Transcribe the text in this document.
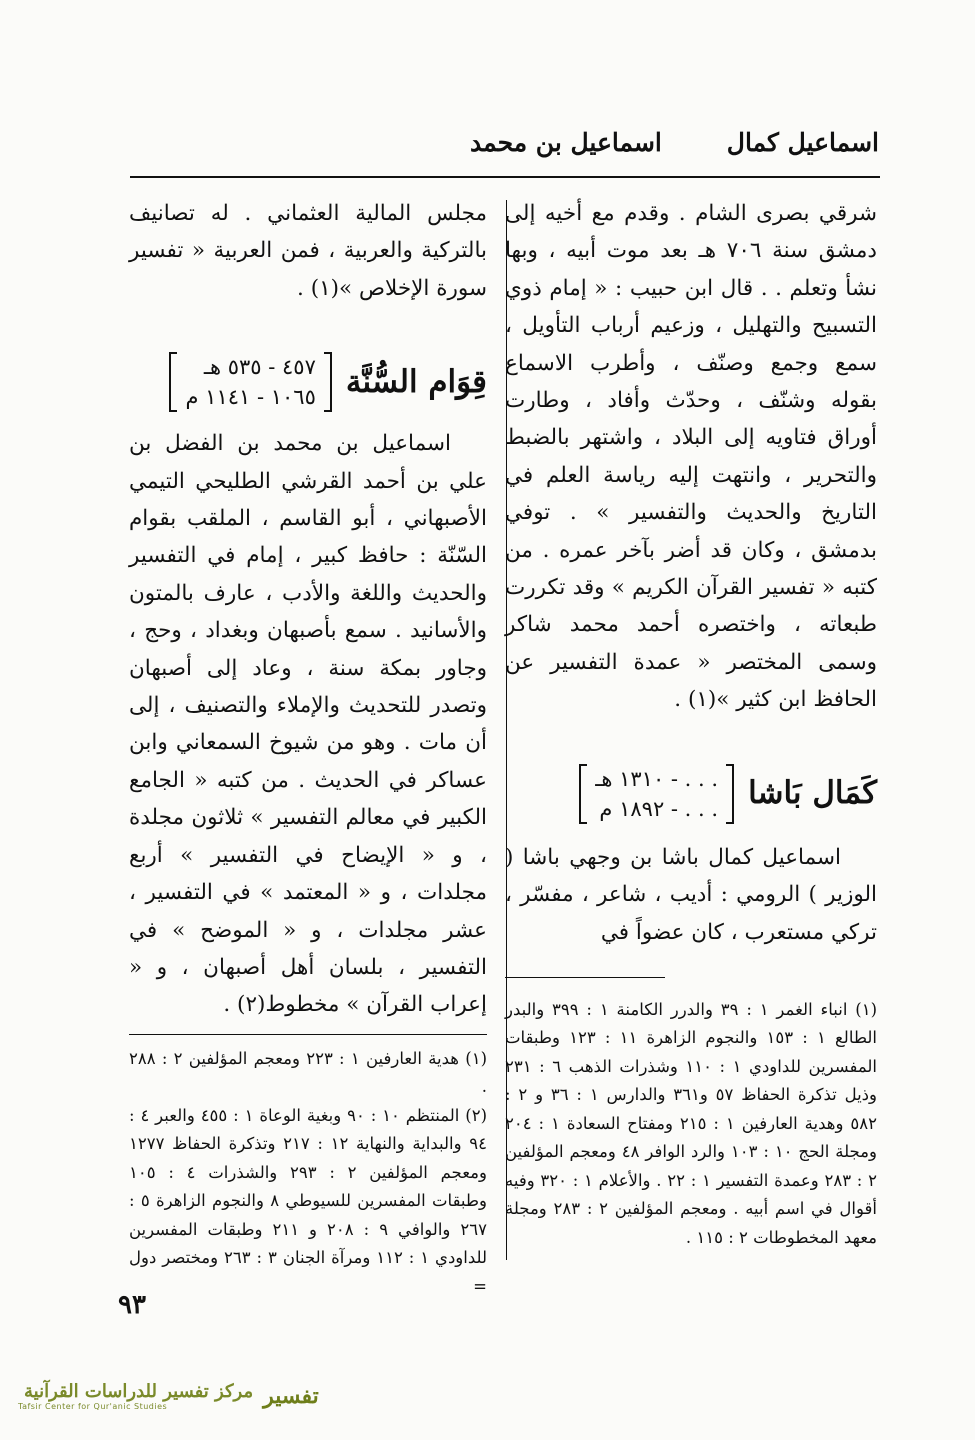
اسماعيل كمال
اسماعيل بن محمد

شرقي بصرى الشام . وقدم مع أخيه إلى دمشق سنة ٧٠٦ هـ بعد موت أبيه ، وبها نشأ وتعلم . . قال ابن حبيب : « إمام ذوي التسبيح والتهليل ، وزعيم أرباب التأويل ، سمع وجمع وصنّف ، وأطرب الاسماع بقوله وشنّف ، وحدّث وأفاد ، وطارت أوراق فتاويه إلى البلاد ، واشتهر بالضبط والتحرير ، وانتهت إليه رياسة العلم في التاريخ والحديث والتفسير » . توفي بدمشق ، وكان قد أضر بآخر عمره . من كتبه « تفسير القرآن الكريم » وقد تكررت طبعاته ، واختصره أحمد محمد شاكر وسمى المختصر « عمدة التفسير عن الحافظ ابن كثير »(١) .

كَمَال بَاشا
. . . - ١٣١٠ هـ
. . . - ١٨٩٢ م

اسماعيل كمال باشا بن وجهي باشا ( الوزير ) الرومي : أديب ، شاعر ، مفسّر ، تركي مستعرب ، كان عضواً في

(١) انباء الغمر ١ : ٣٩ والدرر الكامنة ١ : ٣٩٩ والبدر الطالع ١ : ١٥٣ والنجوم الزاهرة ١١ : ١٢٣ وطبقات المفسرين للداودي ١ : ١١٠ وشذرات الذهب ٦ : ٢٣١ وذيل تذكرة الحفاظ ٥٧ و٣٦١ والدارس ١ : ٣٦ و ٢ : ٥٨٢ وهدية العارفين ١ : ٢١٥ ومفتاح السعادة ١ : ٢٠٤ ومجلة الحج ١٠ : ١٠٣ والرد الوافر ٤٨ ومعجم المؤلفين ٢ : ٢٨٣ وعمدة التفسير ١ : ٢٢ . والأعلام ١ : ٣٢٠ وفيه أقوال في اسم أبيه . ومعجم المؤلفين ٢ : ٢٨٣ ومجلة معهد المخطوطات ٢ : ١١٥ .

مجلس المالية العثماني . له تصانيف بالتركية والعربية ، فمن العربية « تفسير سورة الإخلاص »(١) .

قِوَام السُّنَّة
٤٥٧ - ٥٣٥ هـ
١٠٦٥ - ١١٤١ م

اسماعيل بن محمد بن الفضل بن علي بن أحمد القرشي الطليحي التيمي الأصبهاني ، أبو القاسم ، الملقب بقوام السّنّة : حافظ كبير ، إمام في التفسير والحديث واللغة والأدب ، عارف بالمتون والأسانيد . سمع بأصبهان وبغداد ، وحج ، وجاور بمكة سنة ، وعاد إلى أصبهان وتصدر للتحديث والإملاء والتصنيف ، إلى أن مات . وهو من شيوخ السمعاني وابن عساكر في الحديث . من كتبه « الجامع الكبير في معالم التفسير » ثلاثون مجلدة ، و « الإيضاح في التفسير » أربع مجلدات ، و « المعتمد » في التفسير ، عشر مجلدات ، و « الموضح » في التفسير ، بلسان أهل أصبهان ، و « إعراب القرآن » مخطوط(٢) .

(١) هدية العارفين ١ : ٢٢٣ ومعجم المؤلفين ٢ : ٢٨٨ .

(٢) المنتظم ١٠ : ٩٠ وبغية الوعاة ١ : ٤٥٥ والعبر ٤ : ٩٤ والبداية والنهاية ١٢ : ٢١٧ وتذكرة الحفاظ ١٢٧٧ ومعجم المؤلفين ٢ : ٢٩٣ والشذرات ٤ : ١٠٥ وطبقات المفسرين للسيوطي ٨ والنجوم الزاهرة ٥ : ٢٦٧ والوافي ٩ : ٢٠٨ و ٢١١ وطبقات المفسرين للداودي ١ : ١١٢ ومرآة الجنان ٣ : ٢٦٣ ومختصر دول =

٩٣
مركز تفسير للدراسات القرآنية
Tafsir Center for Qur'anic Studies	تفسير
